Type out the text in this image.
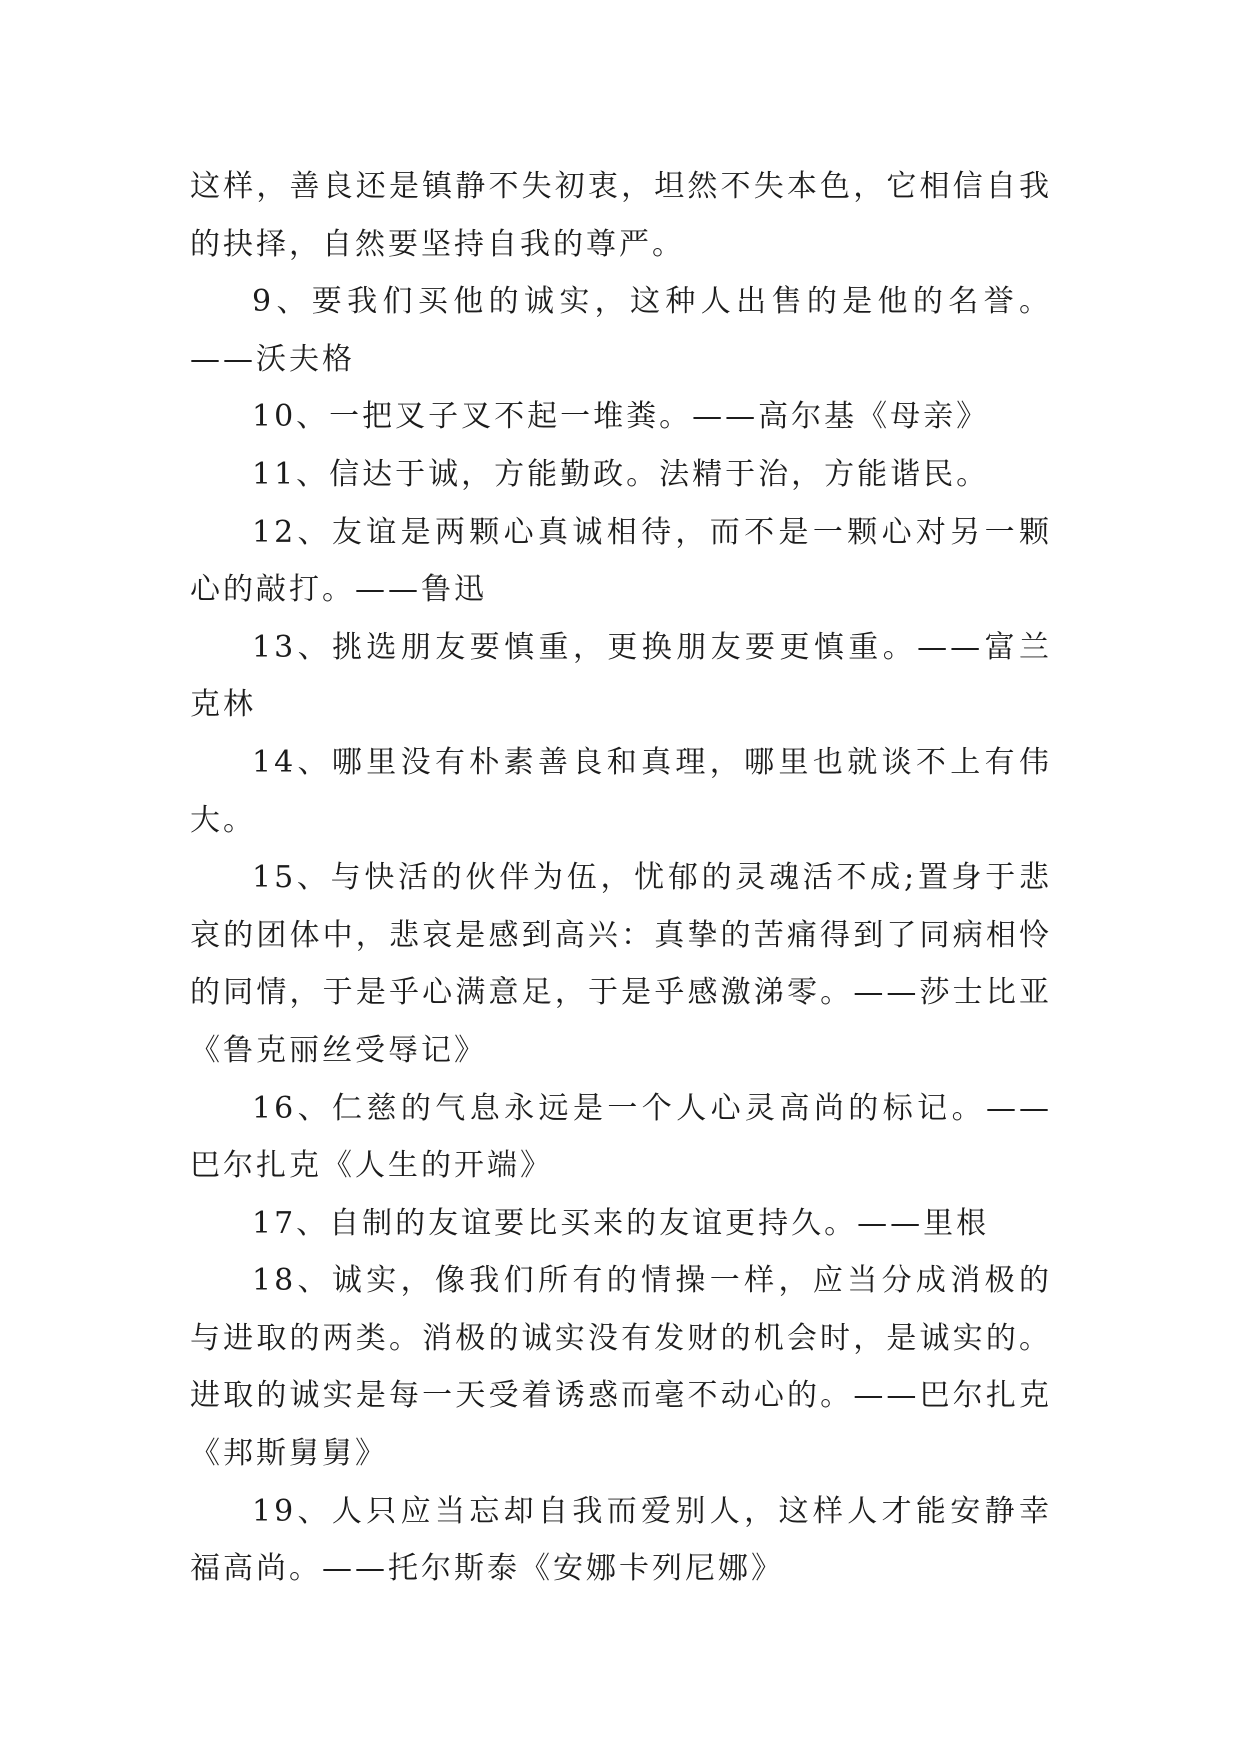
这样，善良还是镇静不失初衷，坦然不失本色，它相信自我的抉择，自然要坚持自我的尊严。

9、要我们买他的诚实，这种人出售的是他的名誉。——沃夫格

10、一把叉子叉不起一堆粪。——高尔基《母亲》

11、信达于诚，方能勤政。法精于治，方能谐民。

12、友谊是两颗心真诚相待，而不是一颗心对另一颗心的敲打。——鲁迅

13、挑选朋友要慎重，更换朋友要更慎重。——富兰克林

14、哪里没有朴素善良和真理，哪里也就谈不上有伟大。

15、与快活的伙伴为伍，忧郁的灵魂活不成;置身于悲哀的团体中，悲哀是感到高兴：真挚的苦痛得到了同病相怜的同情，于是乎心满意足，于是乎感激涕零。——莎士比亚《鲁克丽丝受辱记》

16、仁慈的气息永远是一个人心灵高尚的标记。——巴尔扎克《人生的开端》

17、自制的友谊要比买来的友谊更持久。——里根

18、诚实，像我们所有的情操一样，应当分成消极的与进取的两类。消极的诚实没有发财的机会时，是诚实的。进取的诚实是每一天受着诱惑而毫不动心的。——巴尔扎克《邦斯舅舅》

19、人只应当忘却自我而爱别人，这样人才能安静幸福高尚。——托尔斯泰《安娜卡列尼娜》
